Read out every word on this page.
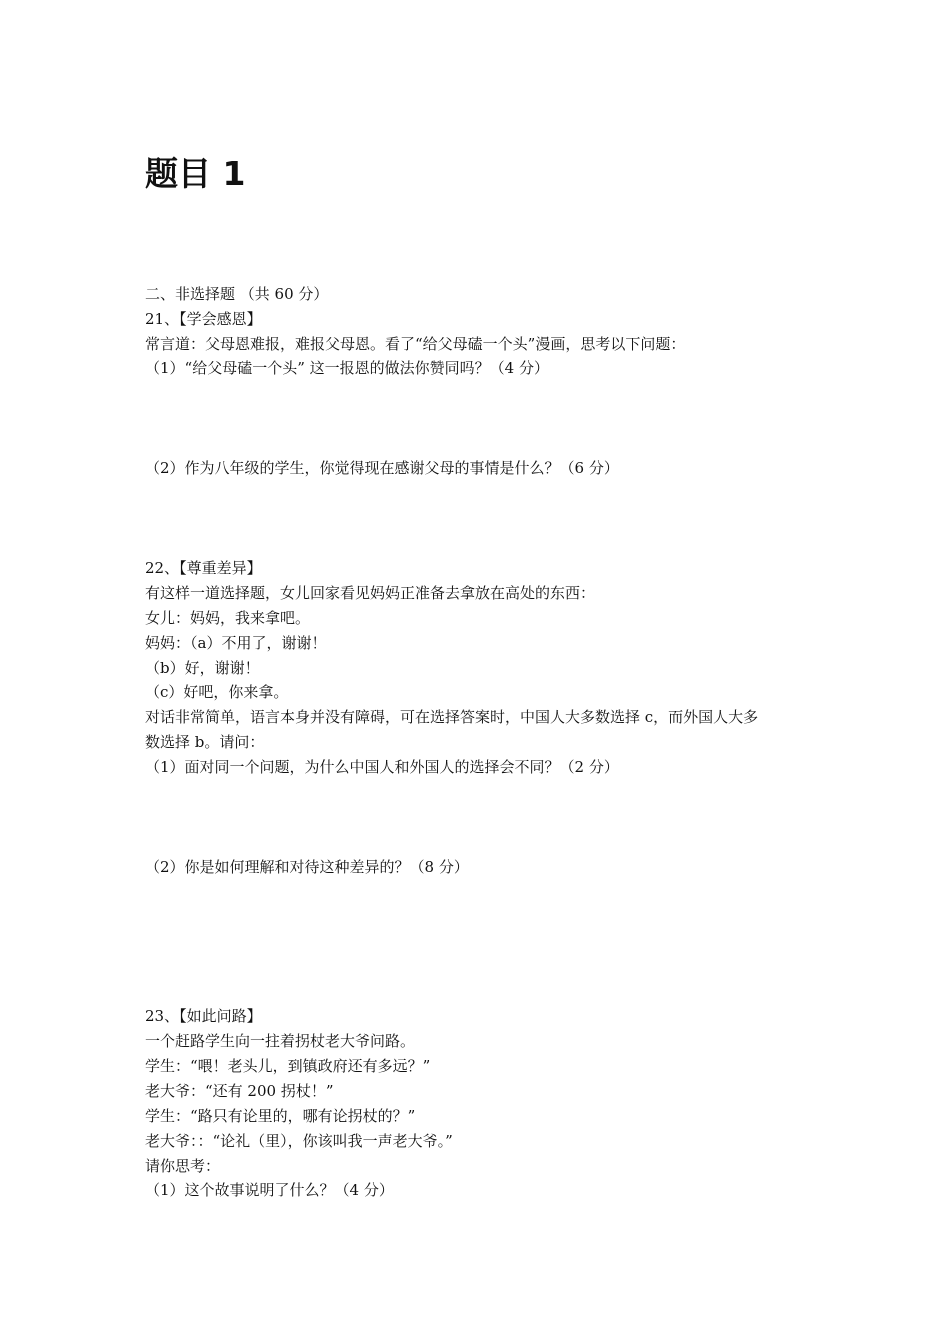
题目 1
二、非选择题 （共 60 分）
21、【学会感恩】
常言道：父母恩难报，难报父母恩。看了“给父母磕一个头”漫画，思考以下问题：
（1）“给父母磕一个头” 这一报恩的做法你赞同吗？（4 分）
（2）作为八年级的学生，你觉得现在感谢父母的事情是什么？（6 分）
22、【尊重差异】
有这样一道选择题，女儿回家看见妈妈正准备去拿放在高处的东西：
女儿：妈妈，我来拿吧。
妈妈：（a）不用了，谢谢！
（b）好，谢谢！
（c）好吧，你来拿。
对话非常简单，语言本身并没有障碍，可在选择答案时，中国人大多数选择 c，而外国人大多
数选择 b。请问：
（1）面对同一个问题，为什么中国人和外国人的选择会不同？（2 分）
（2）你是如何理解和对待这种差异的？（8 分）
23、【如此问路】
一个赶路学生向一拄着拐杖老大爷问路。
学生：“喂！老头儿，到镇政府还有多远？”
老大爷：“还有 200 拐杖！”
学生：“路只有论里的，哪有论拐杖的？”
老大爷：：“论礼（里），你该叫我一声老大爷。”
请你思考：
（1）这个故事说明了什么？（4 分）
